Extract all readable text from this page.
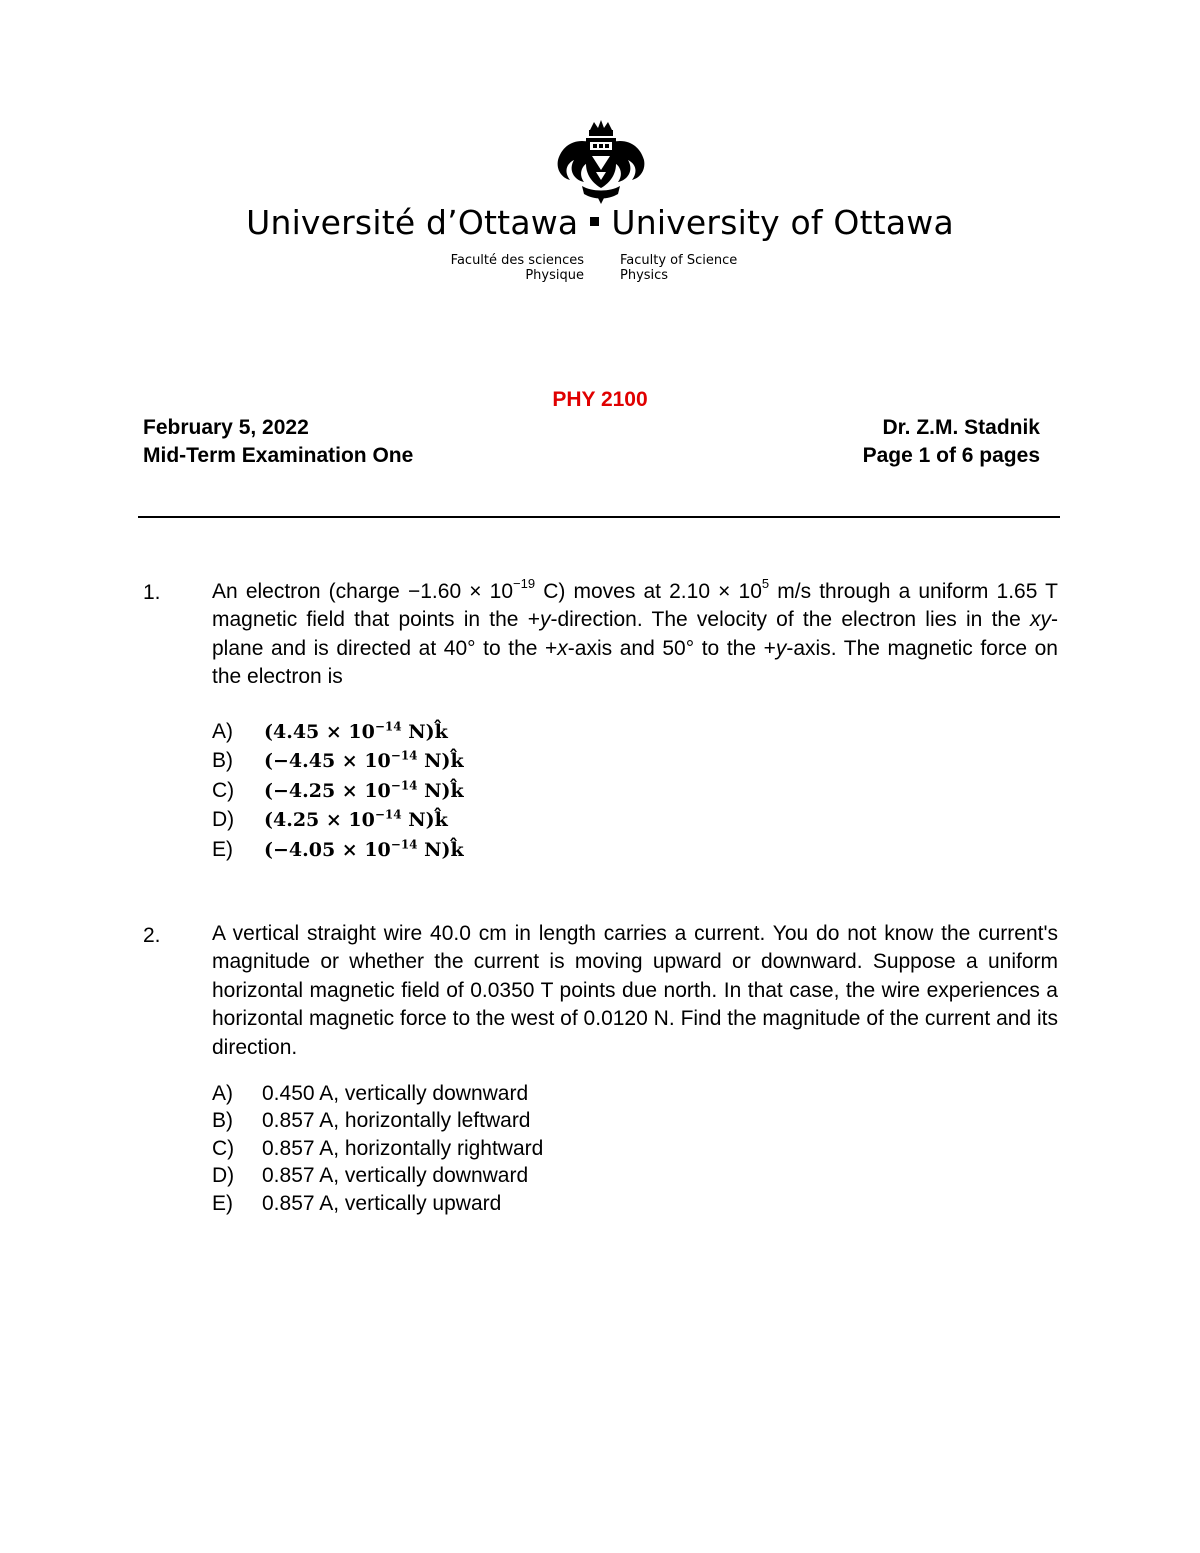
Université d’Ottawa University of Ottawa
Faculté des sciences
Physique
Faculty of Science
Physics
PHY 2100
February 5, 2022
Mid-Term Examination One
Dr. Z.M. Stadnik
Page 1 of 6 pages
1. An electron (charge $-1.60 \times 10^{-19}$ C) moves at $2.10 \times 10^5$ m/s through a uniform 1.65 T magnetic field that points in the +y-direction. The velocity of the electron lies in the xy-plane and is directed at 40° to the +x-axis and 50° to the +y-axis. The magnetic force on the electron is
A) ($4.45 \times 10^{-14}$ N)k̂
B) ($-4.45 \times 10^{-14}$ N)k̂
C) ($-4.25 \times 10^{-14}$ N)k̂
D) ($4.25 \times 10^{-14}$ N)k̂
E) ($-4.05 \times 10^{-14}$ N)k̂
2. A vertical straight wire 40.0 cm in length carries a current. You do not know the current's magnitude or whether the current is moving upward or downward. Suppose a uniform horizontal magnetic field of 0.0350 T points due north. In that case, the wire experiences a horizontal magnetic force to the west of 0.0120 N. Find the magnitude of the current and its direction.
A) 0.450 A, vertically downward
B) 0.857 A, horizontally leftward
C) 0.857 A, horizontally rightward
D) 0.857 A, vertically downward
E) 0.857 A, vertically upward
